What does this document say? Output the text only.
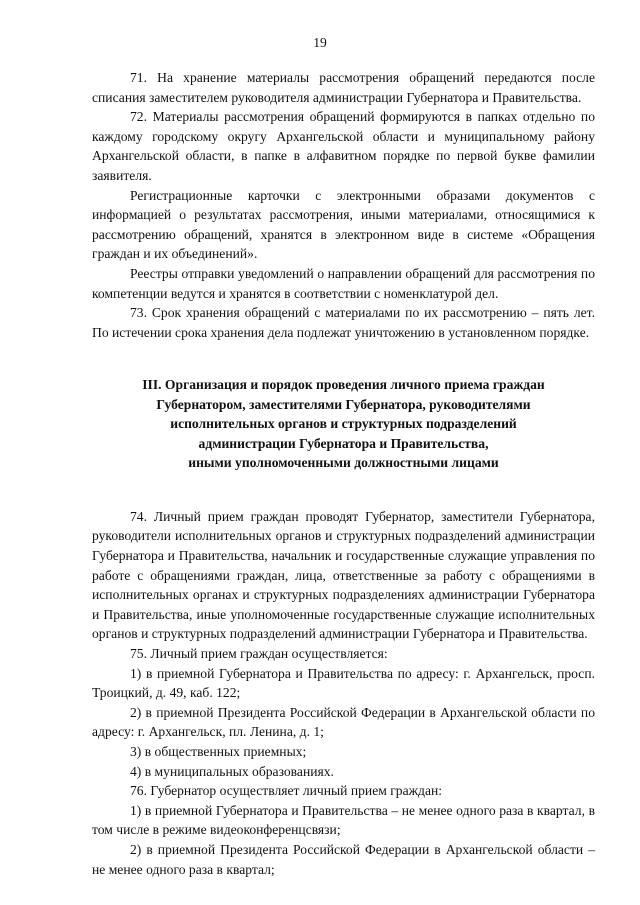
19

71. На хранение материалы рассмотрения обращений передаются после списания заместителем руководителя администрации Губернатора и Правительства.

72. Материалы рассмотрения обращений формируются в папках отдельно по каждому городскому округу Архангельской области и муниципальному району Архангельской области, в папке в алфавитном порядке по первой букве фамилии заявителя.

Регистрационные карточки с электронными образами документов с информацией о результатах рассмотрения, иными материалами, относящимися к рассмотрению обращений, хранятся в электронном виде в системе «Обращения граждан и их объединений».

Реестры отправки уведомлений о направлении обращений для рассмотрения по компетенции ведутся и хранятся в соответствии с номенклатурой дел.

73. Срок хранения обращений с материалами по их рассмотрению – пять лет. По истечении срока хранения дела подлежат уничтожению в установленном порядке.

III. Организация и порядок проведения личного приема граждан
Губернатором, заместителями Губернатора, руководителями
исполнительных органов и структурных подразделений
администрации Губернатора и Правительства,
иными уполномоченными должностными лицами

74. Личный прием граждан проводят Губернатор, заместители Губернатора, руководители исполнительных органов и структурных подразделений администрации Губернатора и Правительства, начальник и государственные служащие управления по работе с обращениями граждан, лица, ответственные за работу с обращениями в исполнительных органах и структурных подразделениях администрации Губернатора и Правительства, иные уполномоченные государственные служащие исполнительных органов и структурных подразделений администрации Губернатора и Правительства.

75. Личный прием граждан осуществляется:

1) в приемной Губернатора и Правительства по адресу: г. Архангельск, просп. Троицкий, д. 49, каб. 122;

2) в приемной Президента Российской Федерации в Архангельской области по адресу: г. Архангельск, пл. Ленина, д. 1;

3) в общественных приемных;

4) в муниципальных образованиях.

76. Губернатор осуществляет личный прием граждан:

1) в приемной Губернатора и Правительства – не менее одного раза в квартал, в том числе в режиме видеоконференцсвязи;

2) в приемной Президента Российской Федерации в Архангельской области – не менее одного раза в квартал;
